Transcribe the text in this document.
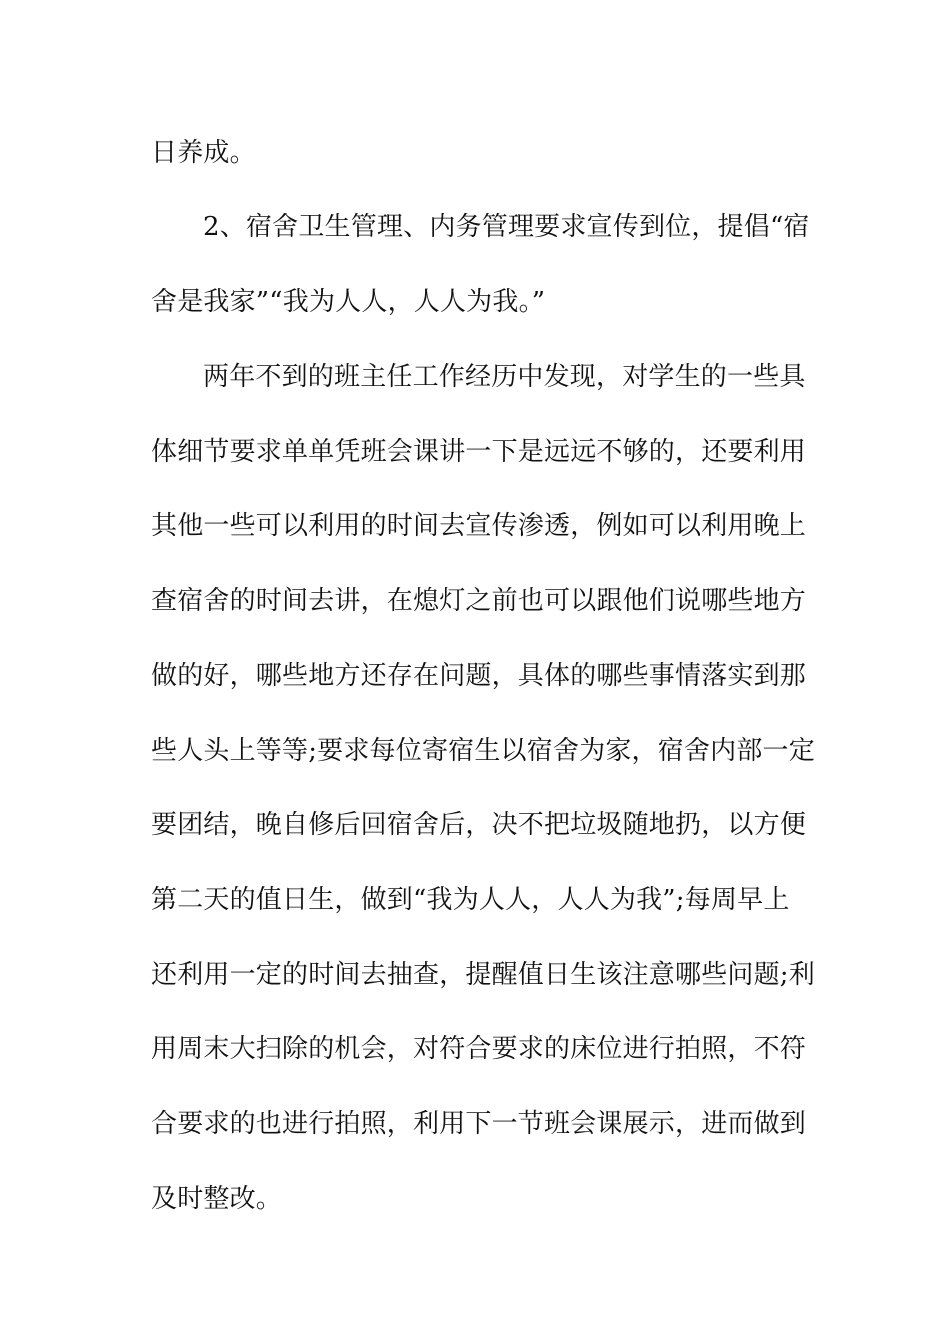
日养成。
2、宿舍卫生管理、内务管理要求宣传到位，提倡“宿
舍是我家”“我为人人，人人为我。”
两年不到的班主任工作经历中发现，对学生的一些具
体细节要求单单凭班会课讲一下是远远不够的，还要利用
其他一些可以利用的时间去宣传渗透，例如可以利用晚上
查宿舍的时间去讲，在熄灯之前也可以跟他们说哪些地方
做的好，哪些地方还存在问题，具体的哪些事情落实到那
些人头上等等;要求每位寄宿生以宿舍为家，宿舍内部一定
要团结，晚自修后回宿舍后，决不把垃圾随地扔，以方便
第二天的值日生，做到“我为人人，人人为我”;每周早上
还利用一定的时间去抽查，提醒值日生该注意哪些问题;利
用周末大扫除的机会，对符合要求的床位进行拍照，不符
合要求的也进行拍照，利用下一节班会课展示，进而做到
及时整改。
